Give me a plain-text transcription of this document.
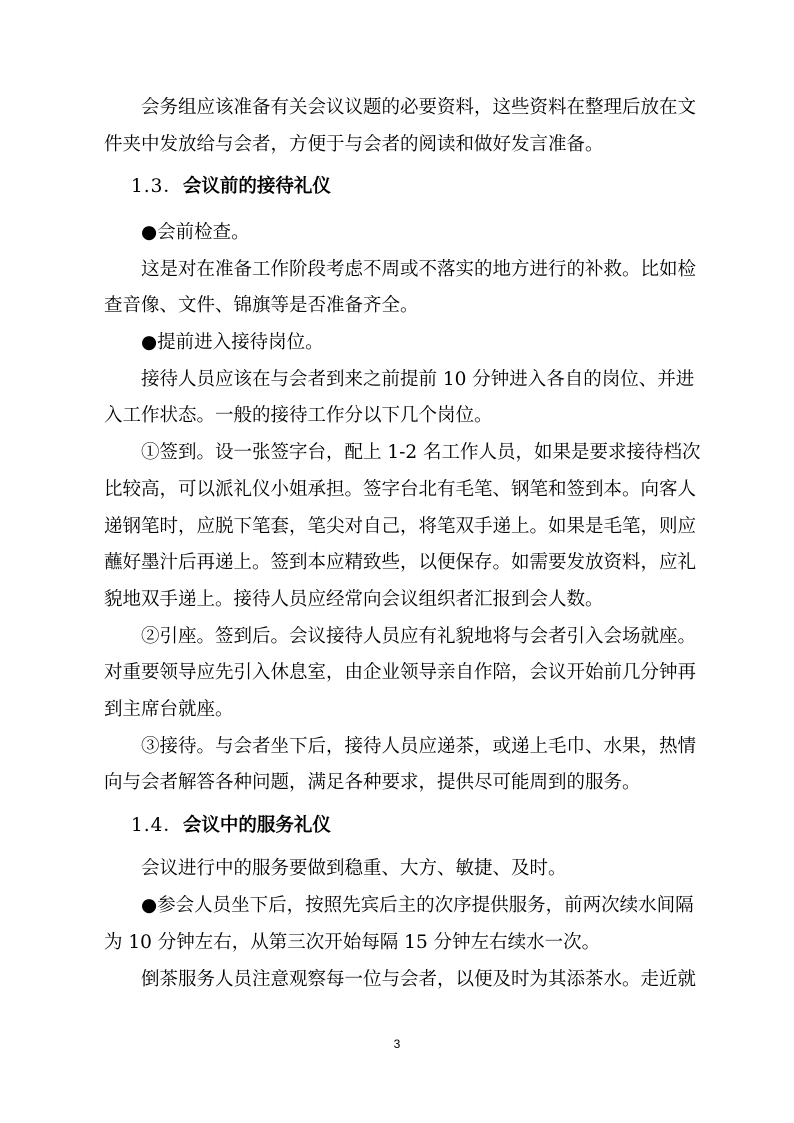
会务组应该准备有关会议议题的必要资料，这些资料在整理后放在文
件夹中发放给与会者，方便于与会者的阅读和做好发言准备。
1.3．会议前的接待礼仪
●会前检查。
这是对在准备工作阶段考虑不周或不落实的地方进行的补救。比如检
查音像、文件、锦旗等是否准备齐全。
●提前进入接待岗位。
接待人员应该在与会者到来之前提前 10 分钟进入各自的岗位、并进
入工作状态。一般的接待工作分以下几个岗位。
①签到。设一张签字台，配上 1-2 名工作人员，如果是要求接待档次
比较高，可以派礼仪小姐承担。签字台北有毛笔、钢笔和签到本。向客人
递钢笔时，应脱下笔套，笔尖对自己，将笔双手递上。如果是毛笔，则应
蘸好墨汁后再递上。签到本应精致些，以便保存。如需要发放资料，应礼
貌地双手递上。接待人员应经常向会议组织者汇报到会人数。
②引座。签到后。会议接待人员应有礼貌地将与会者引入会场就座。
对重要领导应先引入休息室，由企业领导亲自作陪，会议开始前几分钟再
到主席台就座。
③接待。与会者坐下后，接待人员应递茶，或递上毛巾、水果，热情
向与会者解答各种问题，满足各种要求，提供尽可能周到的服务。
1.4．会议中的服务礼仪
会议进行中的服务要做到稳重、大方、敏捷、及时。
●参会人员坐下后，按照先宾后主的次序提供服务，前两次续水间隔
为 10 分钟左右，从第三次开始每隔 15 分钟左右续水一次。
倒茶服务人员注意观察每一位与会者，以便及时为其添茶水。走近就
3
